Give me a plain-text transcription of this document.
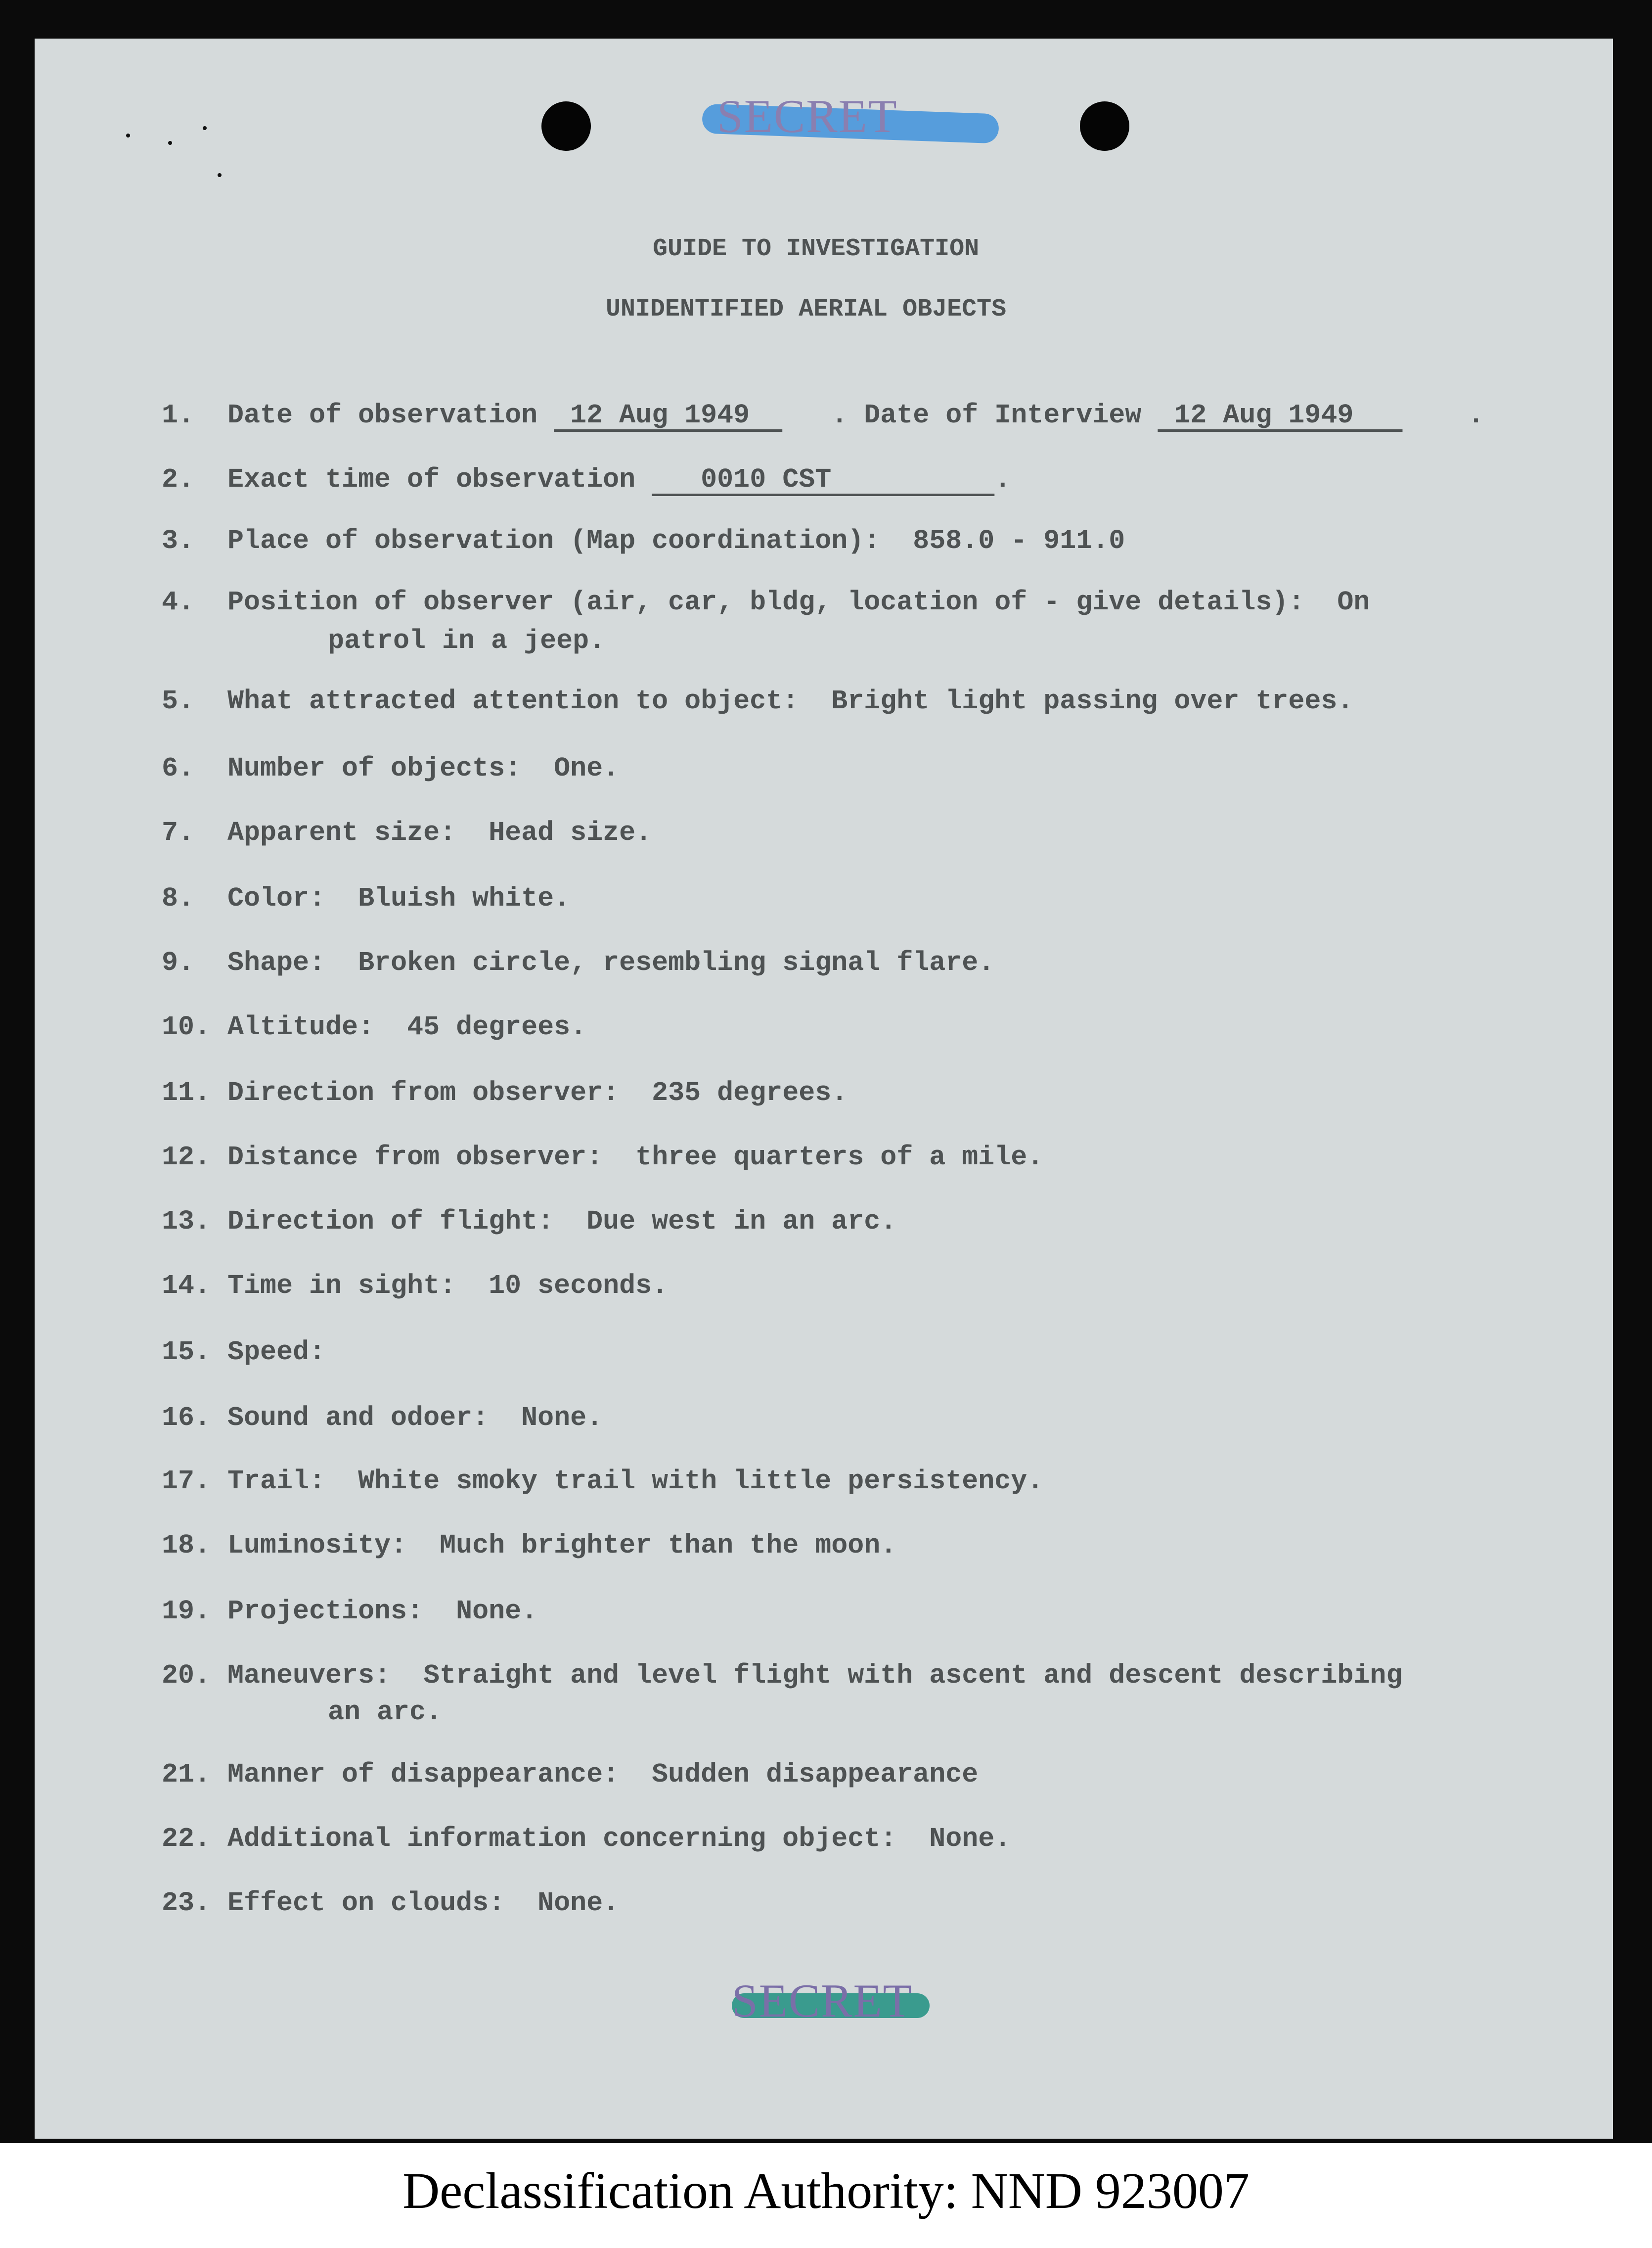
SECRET
GUIDE TO INVESTIGATION
UNIDENTIFIED AERIAL OBJECTS
1. Date of observation  12 Aug 1949     . Date of Interview  12 Aug 1949       .
2. Exact time of observation    0010 CST          .
3. Place of observation (Map coordination): 858.0 - 911.0
4. Position of observer (air, car, bldg, location of - give details): On
patrol in a jeep.
5. What attracted attention to object: Bright light passing over trees.
6. Number of objects: One.
7. Apparent size: Head size.
8. Color: Bluish white.
9. Shape: Broken circle, resembling signal flare.
10. Altitude: 45 degrees.
11. Direction from observer: 235 degrees.
12. Distance from observer: three quarters of a mile.
13. Direction of flight: Due west in an arc.
14. Time in sight: 10 seconds.
15. Speed:
16. Sound and odoer: None.
17. Trail: White smoky trail with little persistency.
18. Luminosity: Much brighter than the moon.
19. Projections: None.
20. Maneuvers: Straight and level flight with ascent and descent describing
an arc.
21. Manner of disappearance: Sudden disappearance
22. Additional information concerning object: None.
23. Effect on clouds: None.
SECRET
Declassification Authority: NND 923007
